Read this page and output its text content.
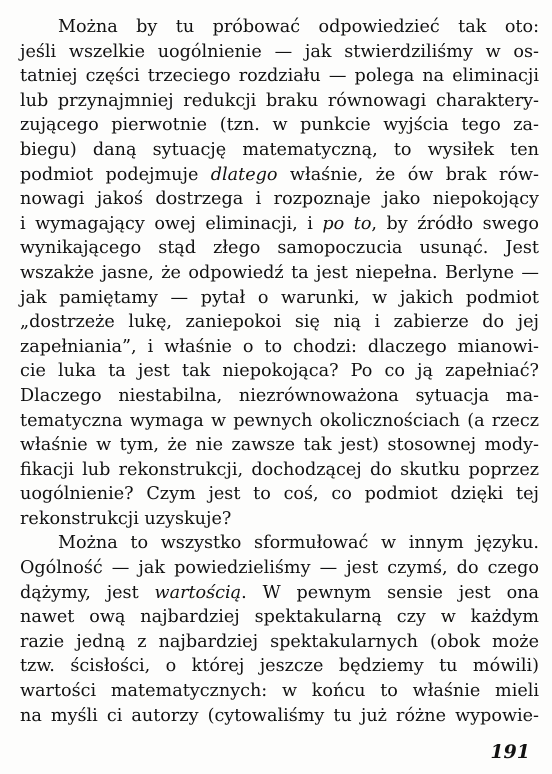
Można by tu próbować odpowiedzieć tak oto:
jeśli wszelkie uogólnienie — jak stwierdziliśmy w os-
tatniej części trzeciego rozdziału — polega na eliminacji
lub przynajmniej redukcji braku równowagi charaktery-
zującego pierwotnie (tzn. w punkcie wyjścia tego za-
biegu) daną sytuację matematyczną, to wysiłek ten
podmiot podejmuje dlatego właśnie, że ów brak rów-
nowagi jakoś dostrzega i rozpoznaje jako niepokojący
i wymagający owej eliminacji, i po to, by źródło swego
wynikającego stąd złego samopoczucia usunąć. Jest
wszakże jasne, że odpowiedź ta jest niepełna. Berlyne —
jak pamiętamy — pytał o warunki, w jakich podmiot
„dostrzeże lukę, zaniepokoi się nią i zabierze do jej
zapełniania”, i właśnie o to chodzi: dlaczego mianowi-
cie luka ta jest tak niepokojąca? Po co ją zapełniać?
Dlaczego niestabilna, niezrównoważona sytuacja ma-
tematyczna wymaga w pewnych okolicznościach (a rzecz
właśnie w tym, że nie zawsze tak jest) stosownej mody-
fikacji lub rekonstrukcji, dochodzącej do skutku poprzez
uogólnienie? Czym jest to coś, co podmiot dzięki tej
rekonstrukcji uzyskuje?
Można to wszystko sformułować w innym języku.
Ogólność — jak powiedzieliśmy — jest czymś, do czego
dążymy, jest wartością. W pewnym sensie jest ona
nawet ową najbardziej spektakularną czy w każdym
razie jedną z najbardziej spektakularnych (obok może
tzw. ścisłości, o której jeszcze będziemy tu mówili)
wartości matematycznych: w końcu to właśnie mieli
na myśli ci autorzy (cytowaliśmy tu już różne wypowie-
191
